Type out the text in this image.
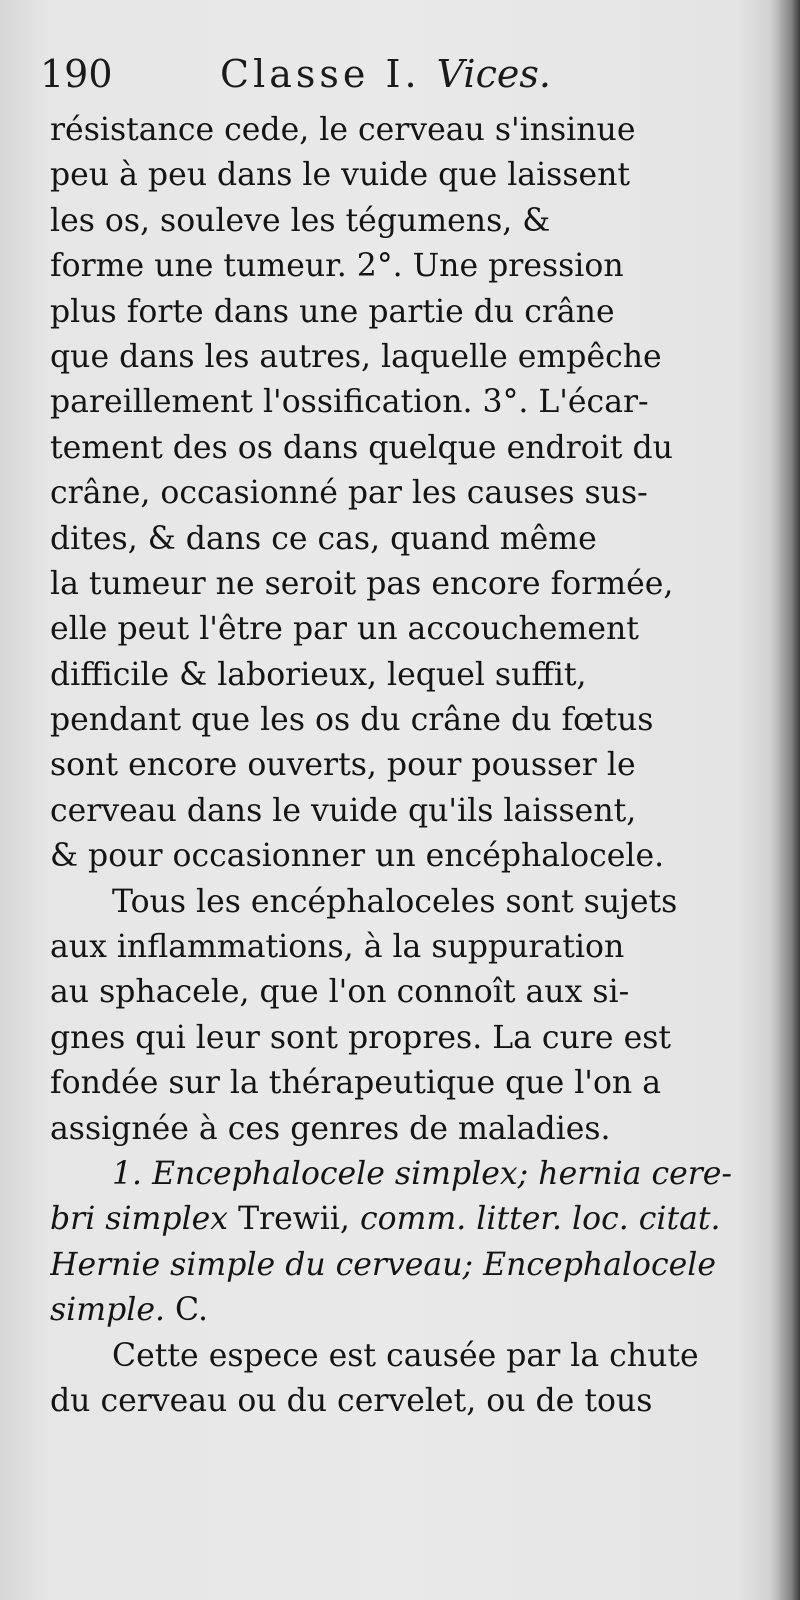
190	Classe I. Vices.
résistance cede, le cerveau s'insinue
peu à peu dans le vuide que laissent
les os, souleve les tégumens, &
forme une tumeur. 2°. Une pression
plus forte dans une partie du crâne
que dans les autres, laquelle empêche
pareillement l'ossification. 3°. L'écar-
tement des os dans quelque endroit du
crâne, occasionné par les causes sus-
dites, & dans ce cas, quand même
la tumeur ne seroit pas encore formée,
elle peut l'être par un accouchement
difficile & laborieux, lequel suffit,
pendant que les os du crâne du fœtus
sont encore ouverts, pour pousser le
cerveau dans le vuide qu'ils laissent,
& pour occasionner un encéphalocele.
Tous les encéphaloceles sont sujets
aux inflammations, à la suppuration
au sphacele, que l'on connoît aux si-
gnes qui leur sont propres. La cure est
fondée sur la thérapeutique que l'on a
assignée à ces genres de maladies.
1. Encephalocele simplex; hernia cere-
bri simplex Trewii, comm. litter. loc. citat.
Hernie simple du cerveau; Encephalocele
simple. C.
Cette espece est causée par la chute
du cerveau ou du cervelet, ou de tous
